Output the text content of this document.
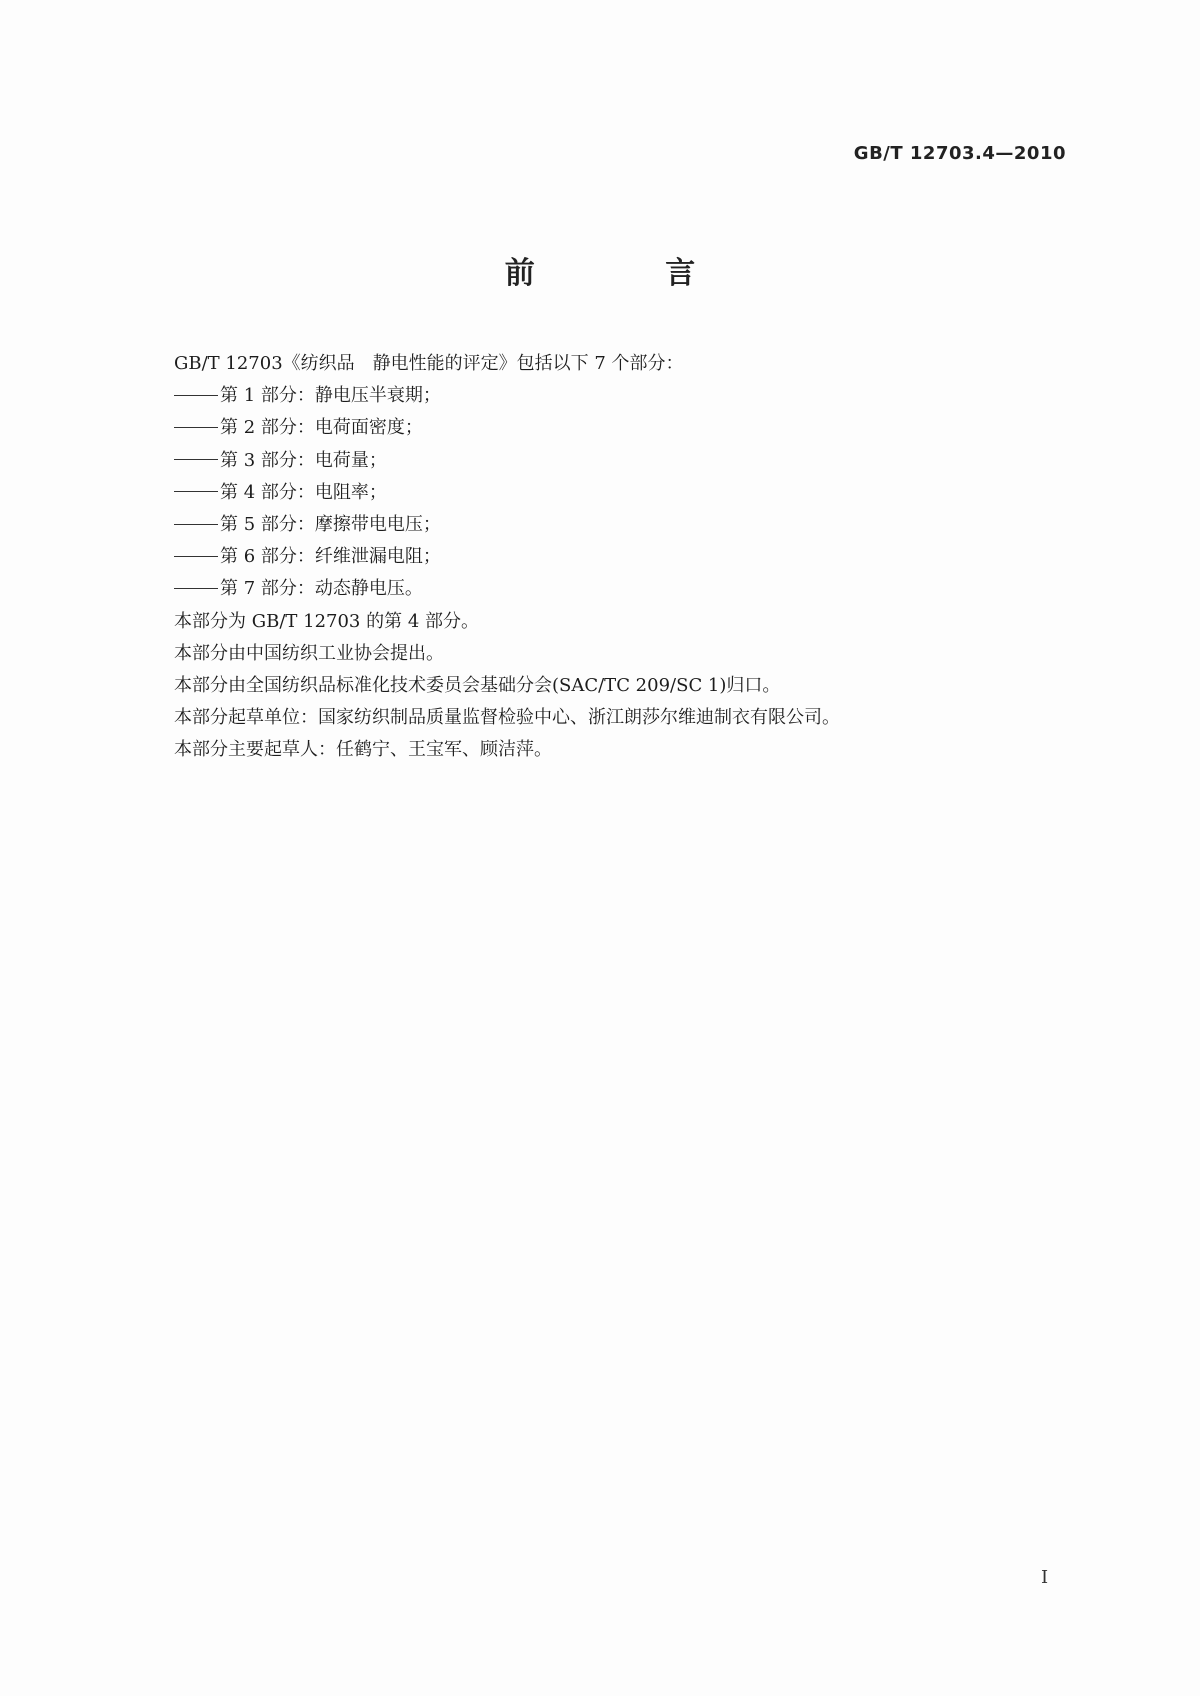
GB/T 12703.4—2010
前 言

GB/T 12703《纺织品　静电性能的评定》包括以下 7 个部分：

第 1 部分：静电压半衰期；

第 2 部分：电荷面密度；

第 3 部分：电荷量；

第 4 部分：电阻率；

第 5 部分：摩擦带电电压；

第 6 部分：纤维泄漏电阻；

第 7 部分：动态静电压。

本部分为 GB/T 12703 的第 4 部分。

本部分由中国纺织工业协会提出。

本部分由全国纺织品标准化技术委员会基础分会(SAC/TC 209/SC 1)归口。

本部分起草单位：国家纺织制品质量监督检验中心、浙江朗莎尔维迪制衣有限公司。

本部分主要起草人：任鹤宁、王宝军、顾洁萍。

I
